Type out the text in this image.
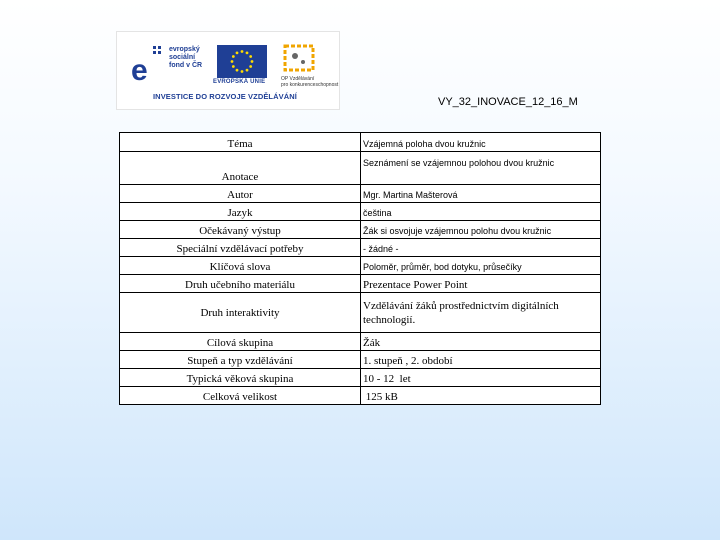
e
evropský
sociální
fond v ČR
EVROPSKÁ UNIE	OP Vzdělávání
pro konkurenceschopnost
INVESTICE DO ROZVOJE VZDĚLÁVÁNÍ	VY_32_INOVACE_12_16_M
Téma	Vzájemná poloha dvou kružnic
Anotace	Seznámení se vzájemnou polohou dvou kružnic
Autor	Mgr. Martina Mašterová
Jazyk	čeština
Očekávaný výstup	Žák si osvojuje vzájemnou polohu dvou kružnic
Speciální vzdělávací potřeby	- žádné -
Klíčová slova	Poloměr, průměr, bod dotyku, průsečíky
Druh učebního materiálu	Prezentace Power Point
Druh interaktivity	Vzdělávání žáků prostřednictvím digitálních technologií.
Cílová skupina	Žák
Stupeň a typ vzdělávání	1. stupeň , 2. období
Typická věková skupina	10 - 12  let
Celková velikost	125 kB
